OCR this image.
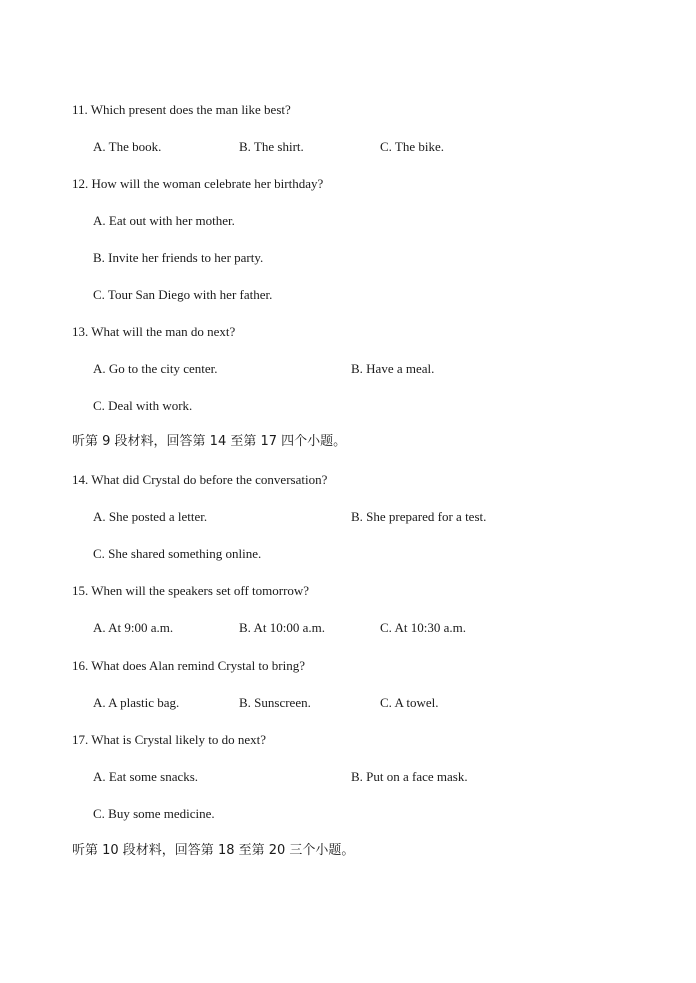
11. Which present does the man like best?
A. The book.	B. The shirt.	C. The bike.
12. How will the woman celebrate her birthday?
A. Eat out with her mother.
B. Invite her friends to her party.
C. Tour San Diego with her father.
13. What will the man do next?
A. Go to the city center.	B. Have a meal.
C. Deal with work.
听第 9 段材料，回答第 14 至第 17 四个小题。
14. What did Crystal do before the conversation?
A. She posted a letter.	B. She prepared for a test.
C. She shared something online.
15. When will the speakers set off tomorrow?
A. At 9:00 a.m.	B. At 10:00 a.m.	C. At 10:30 a.m.
16. What does Alan remind Crystal to bring?
A. A plastic bag.	B. Sunscreen.	C. A towel.
17. What is Crystal likely to do next?
A. Eat some snacks.	B. Put on a face mask.
C. Buy some medicine.
听第 10 段材料，回答第 18 至第 20 三个小题。
